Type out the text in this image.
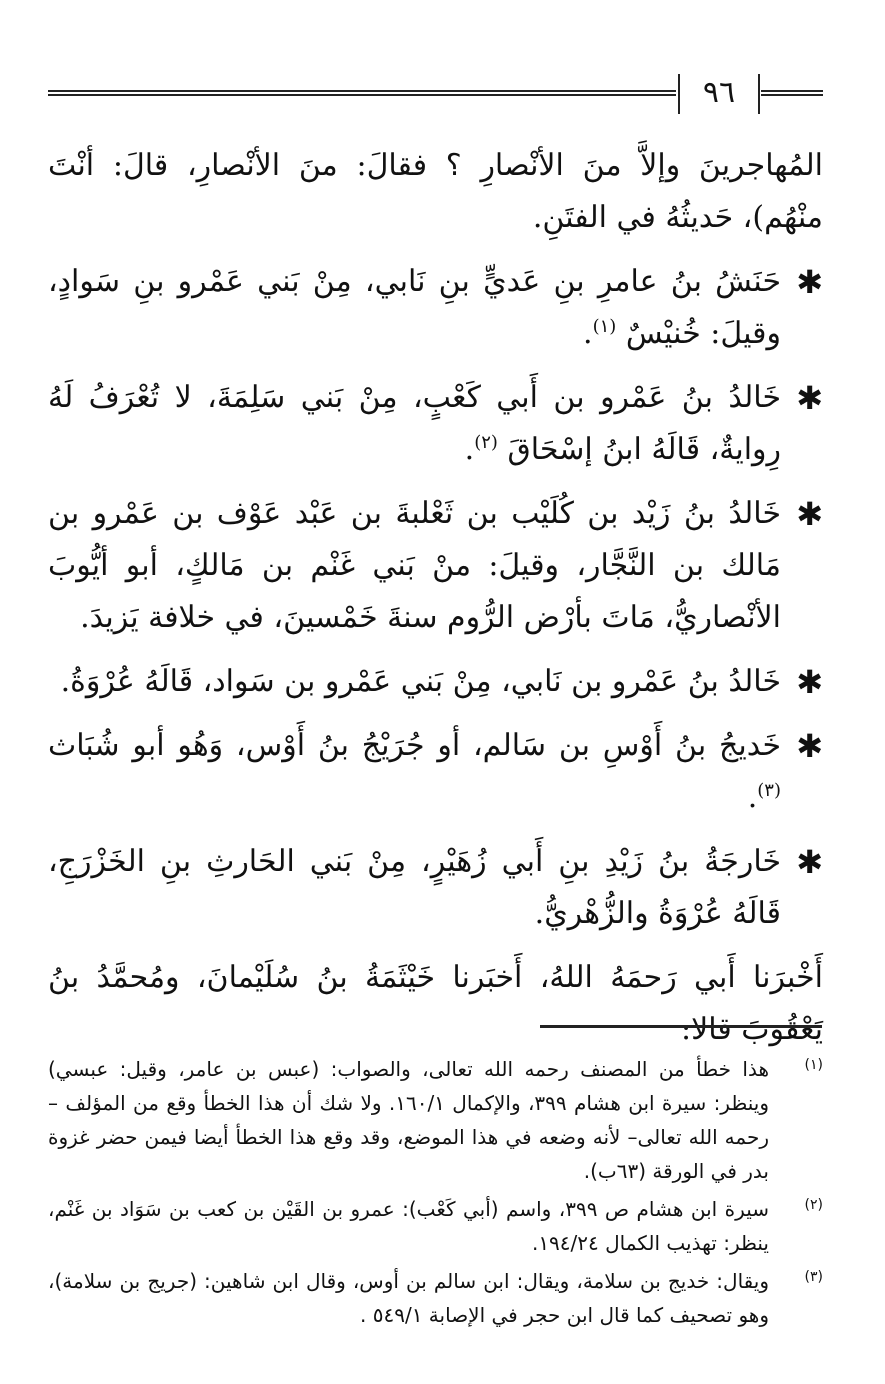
٩٦

المُهاجرينَ وإلاَّ منَ الأنْصارِ ؟ فقالَ: منَ الأنْصارِ، قالَ: أنْتَ منْهُم)، حَديثُهُ في الفتَنِ.

✱
حَنَشُ بنُ عامرِ بنِ عَديٍّ بنِ نَابي، مِنْ بَني عَمْرو بنِ سَوادٍ، وقيلَ: خُنيْسٌ $^{(١)}$.
✱
خَالدُ بنُ عَمْرو بن أَبي كَعْبٍ، مِنْ بَني سَلِمَةَ، لا تُعْرَفُ لَهُ رِوايةٌ، قَالَهُ ابنُ إسْحَاقَ $^{(٢)}$.
✱
خَالدُ بنُ زَيْد بن كُلَيْب بن ثَعْلبةَ بن عَبْد عَوْف بن عَمْرو بن مَالك بن النَّجَّار، وقيلَ: منْ بَني غَنْم بن مَالكٍ، أبو أيُّوبَ الأنْصاريُّ، مَاتَ بأرْض الرُّوم سنةَ خَمْسينَ، في خلافة يَزيدَ.
✱
خَالدُ بنُ عَمْرو بن نَابي، مِنْ بَني عَمْرو بن سَواد، قَالَهُ عُرْوَةُ.
✱
خَديجُ بنُ أَوْسِ بن سَالم، أو جُرَيْجُ بنُ أَوْس، وَهُو أبو شُبَاث $^{(٣)}$.
✱
خَارجَةُ بنُ زَيْدِ بنِ أَبي زُهَيْرٍ، مِنْ بَني الحَارثِ بنِ الخَزْرَجِ، قَالَهُ عُرْوَةُ والزُّهْريُّ.

أَخْبرَنا أَبي رَحمَهُ اللهُ، أَخبَرنا خَيْثَمَةُ بنُ سُلَيْمانَ، ومُحمَّدُ بنُ يَعْقُوبَ قالا:

(١)
هذا خطأ من المصنف رحمه الله تعالى، والصواب: (عبس بن عامر، وقيل: عبسي) وينظر: سيرة ابن هشام ٣٩٩، والإكمال ١٦٠/١. ولا شك أن هذا الخطأ وقع من المؤلف –رحمه الله تعالى– لأنه وضعه في هذا الموضع، وقد وقع هذا الخطأ أيضا فيمن حضر غزوة بدر في الورقة (٦٣ب).
(٢)
سيرة ابن هشام ص ٣٩٩، واسم (أبي كَعْب): عمرو بن القَيْن بن كعب بن سَوَاد بن غَنْم، ينظر: تهذيب الكمال ١٩٤/٢٤.
(٣)
ويقال: خديج بن سلامة، ويقال: ابن سالم بن أوس، وقال ابن شاهين: (جريج بن سلامة)، وهو تصحيف كما قال ابن حجر في الإصابة ٥٤٩/١ .
